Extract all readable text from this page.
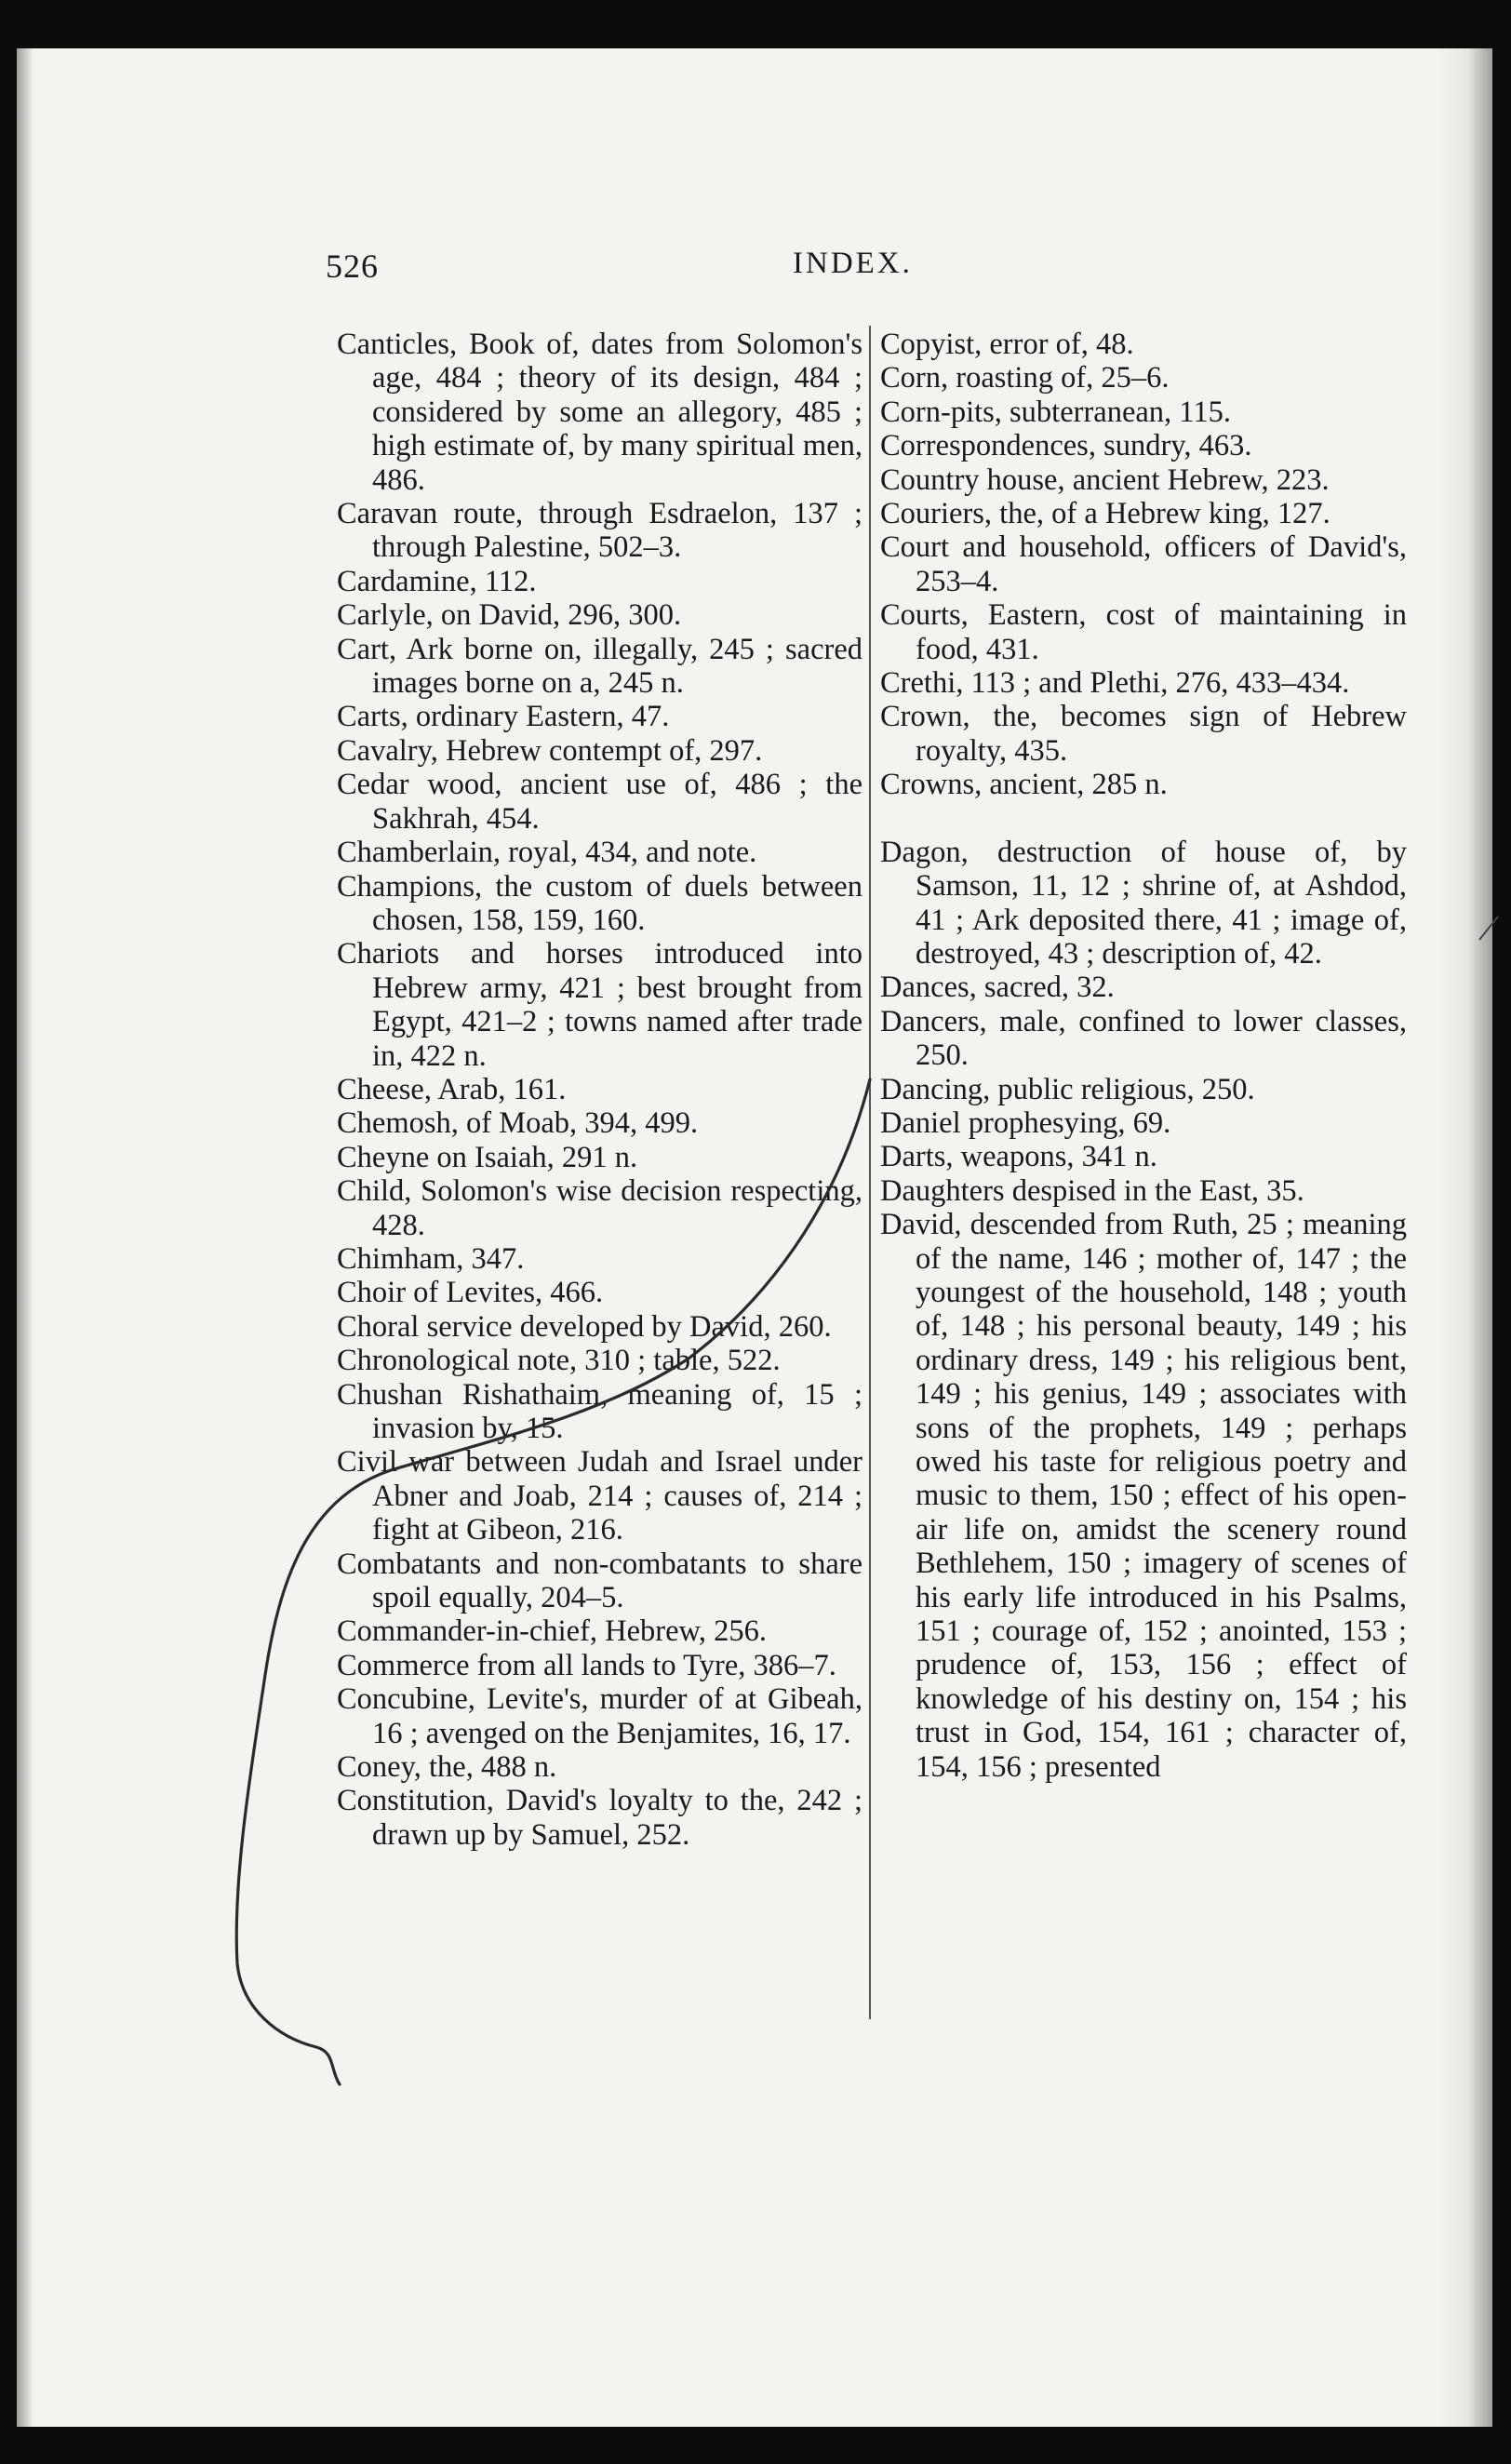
526	INDEX.
Canticles, Book of, dates from Solomon's age, 484 ; theory of its design, 484 ; considered by some an allegory, 485 ; high estimate of, by many spiritual men, 486.
Caravan route, through Esdraelon, 137 ; through Palestine, 502–3.
Cardamine, 112.
Carlyle, on David, 296, 300.
Cart, Ark borne on, illegally, 245 ; sacred images borne on a, 245 n.
Carts, ordinary Eastern, 47.
Cavalry, Hebrew contempt of, 297.
Cedar wood, ancient use of, 486 ; the Sakhrah, 454.
Chamberlain, royal, 434, and note.
Champions, the custom of duels between chosen, 158, 159, 160.
Chariots and horses introduced into Hebrew army, 421 ; best brought from Egypt, 421–2 ; towns named after trade in, 422 n.
Cheese, Arab, 161.
Chemosh, of Moab, 394, 499.
Cheyne on Isaiah, 291 n.
Child, Solomon's wise decision respecting, 428.
Chimham, 347.
Choir of Levites, 466.
Choral service developed by David, 260.
Chronological note, 310 ; table, 522.
Chushan Rishathaim, meaning of, 15 ; invasion by, 15.
Civil war between Judah and Israel under Abner and Joab, 214 ; causes of, 214 ; fight at Gibeon, 216.
Combatants and non-combatants to share spoil equally, 204–5.
Commander-in-chief, Hebrew, 256.
Commerce from all lands to Tyre, 386–7.
Concubine, Levite's, murder of at Gibeah, 16 ; avenged on the Benjamites, 16, 17.
Coney, the, 488 n.
Constitution, David's loyalty to the, 242 ; drawn up by Samuel, 252.
Copyist, error of, 48.
Corn, roasting of, 25–6.
Corn-pits, subterranean, 115.
Correspondences, sundry, 463.
Country house, ancient Hebrew, 223.
Couriers, the, of a Hebrew king, 127.
Court and household, officers of David's, 253–4.
Courts, Eastern, cost of maintaining in food, 431.
Crethi, 113 ; and Plethi, 276, 433–434.
Crown, the, becomes sign of Hebrew royalty, 435.
Crowns, ancient, 285 n.
Dagon, destruction of house of, by Samson, 11, 12 ; shrine of, at Ashdod, 41 ; Ark deposited there, 41 ; image of, destroyed, 43 ; description of, 42.
Dances, sacred, 32.
Dancers, male, confined to lower classes, 250.
Dancing, public religious, 250.
Daniel prophesying, 69.
Darts, weapons, 341 n.
Daughters despised in the East, 35.
David, descended from Ruth, 25 ; meaning of the name, 146 ; mother of, 147 ; the youngest of the household, 148 ; youth of, 148 ; his personal beauty, 149 ; his ordinary dress, 149 ; his religious bent, 149 ; his genius, 149 ; associates with sons of the prophets, 149 ; perhaps owed his taste for religious poetry and music to them, 150 ; effect of his open-air life on, amidst the scenery round Bethlehem, 150 ; imagery of scenes of his early life introduced in his Psalms, 151 ; courage of, 152 ; anointed, 153 ; prudence of, 153, 156 ; effect of knowledge of his destiny on, 154 ; his trust in God, 154, 161 ; character of, 154, 156 ; presented
